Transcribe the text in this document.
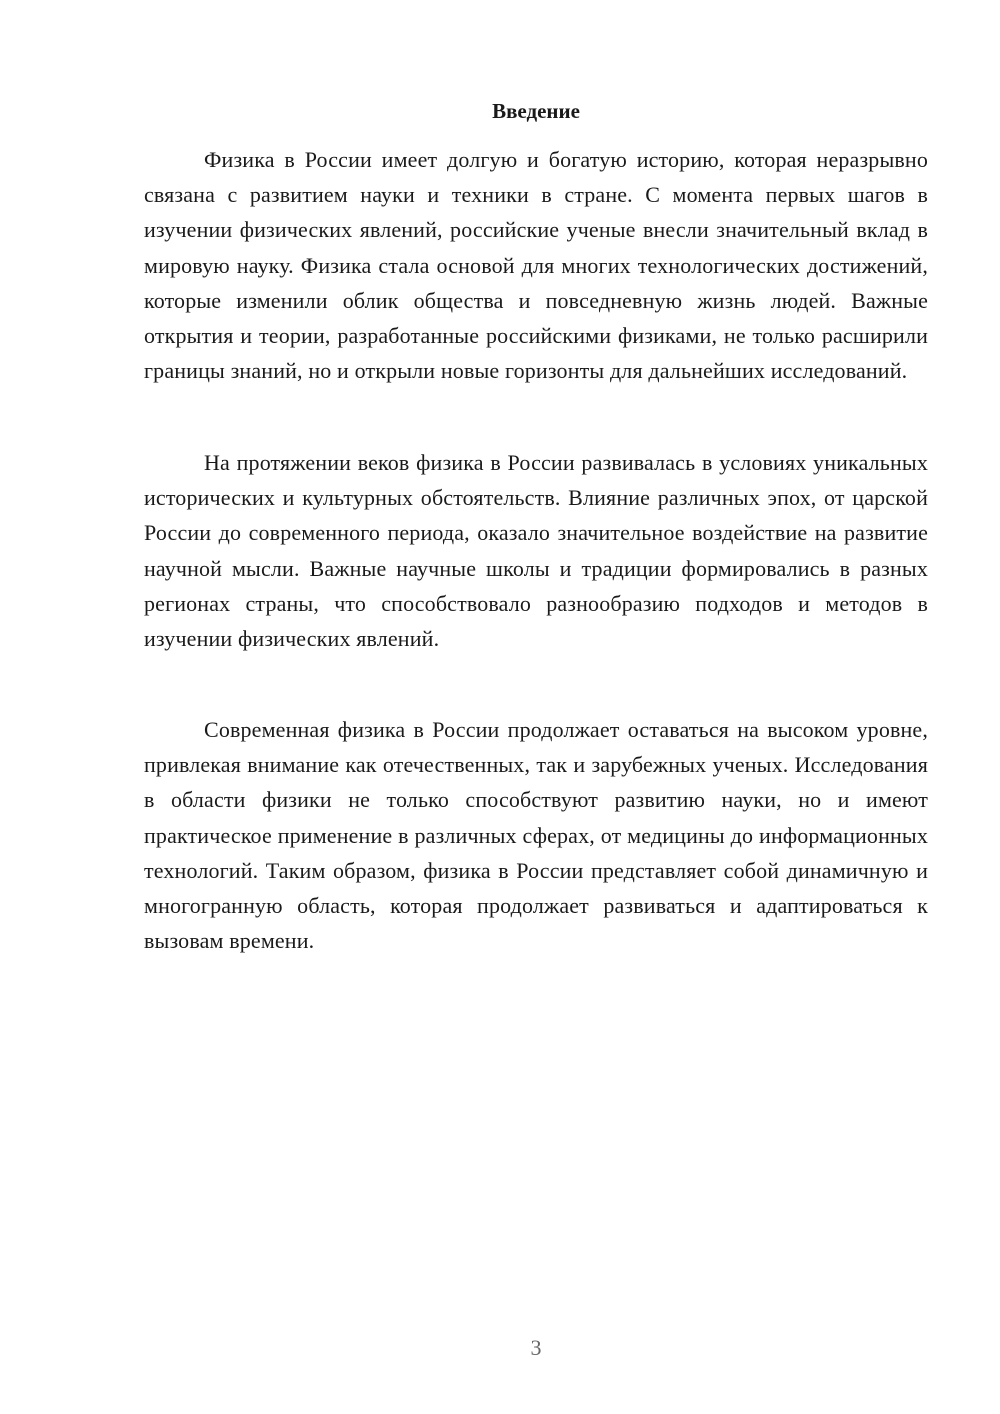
Введение

Физика в России имеет долгую и богатую историю, которая неразрывно связана с развитием науки и техники в стране. С момента первых шагов в изучении физических явлений, российские ученые внесли значительный вклад в мировую науку. Физика стала основой для многих технологических достижений, которые изменили облик общества и повседневную жизнь людей. Важные открытия и теории, разработанные российскими физиками, не только расширили границы знаний, но и открыли новые горизонты для дальнейших исследований.

На протяжении веков физика в России развивалась в условиях уникальных исторических и культурных обстоятельств. Влияние различных эпох, от царской России до современного периода, оказало значительное воздействие на развитие научной мысли. Важные научные школы и традиции формировались в разных регионах страны, что способствовало разнообразию подходов и методов в изучении физических явлений.

Современная физика в России продолжает оставаться на высоком уровне, привлекая внимание как отечественных, так и зарубежных ученых. Исследования в области физики не только способствуют развитию науки, но и имеют практическое применение в различных сферах, от медицины до информационных технологий. Таким образом, физика в России представляет собой динамичную и многогранную область, которая продолжает развиваться и адаптироваться к вызовам времени.

3
